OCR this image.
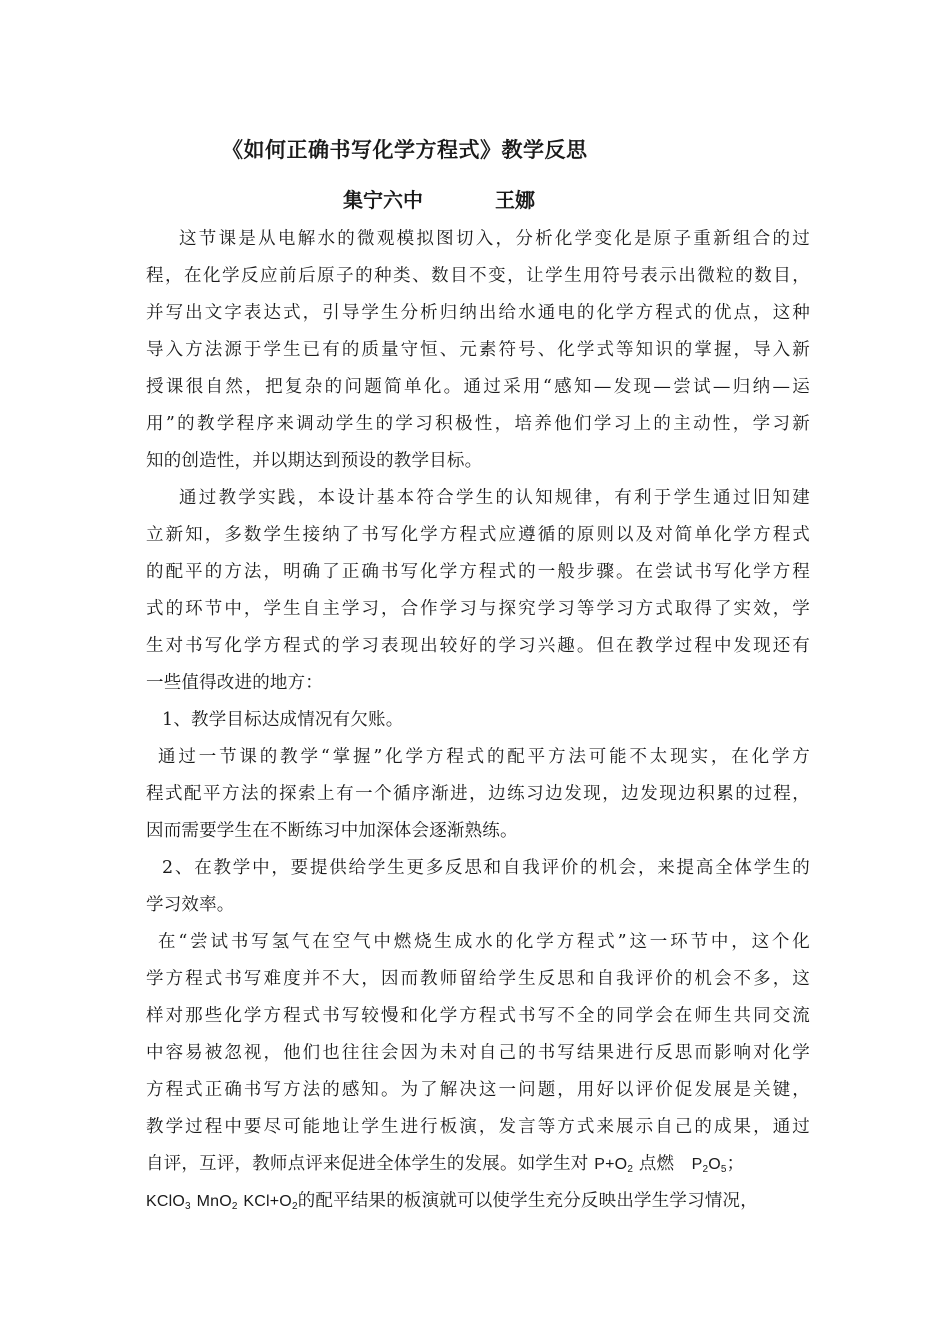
《如何正确书写化学方程式》教学反思
集宁六中	王娜
这节课是从电解水的微观模拟图切入，分析化学变化是原子重新组合的过
程，在化学反应前后原子的种类、数目不变，让学生用符号表示出微粒的数目，
并写出文字表达式，引导学生分析归纳出给水通电的化学方程式的优点，这种
导入方法源于学生已有的质量守恒、元素符号、化学式等知识的掌握，导入新
授课很自然，把复杂的问题简单化。通过采用“感知—发现—尝试—归纳—运
用”的教学程序来调动学生的学习积极性，培养他们学习上的主动性，学习新
知的创造性，并以期达到预设的教学目标。
通过教学实践，本设计基本符合学生的认知规律，有利于学生通过旧知建
立新知，多数学生接纳了书写化学方程式应遵循的原则以及对简单化学方程式
的配平的方法，明确了正确书写化学方程式的一般步骤。在尝试书写化学方程
式的环节中，学生自主学习，合作学习与探究学习等学习方式取得了实效，学
生对书写化学方程式的学习表现出较好的学习兴趣。但在教学过程中发现还有
一些值得改进的地方：
1、教学目标达成情况有欠账。
通过一节课的教学“掌握”化学方程式的配平方法可能不太现实，在化学方
程式配平方法的探索上有一个循序渐进，边练习边发现，边发现边积累的过程，
因而需要学生在不断练习中加深体会逐渐熟练。
2、在教学中，要提供给学生更多反思和自我评价的机会，来提高全体学生的
学习效率。
在“尝试书写氢气在空气中燃烧生成水的化学方程式”这一环节中，这个化
学方程式书写难度并不大，因而教师留给学生反思和自我评价的机会不多，这
样对那些化学方程式书写较慢和化学方程式书写不全的同学会在师生共同交流
中容易被忽视，他们也往往会因为未对自己的书写结果进行反思而影响对化学
方程式正确书写方法的感知。为了解决这一问题，用好以评价促发展是关键，
教学过程中要尽可能地让学生进行板演，发言等方式来展示自己的成果，通过
自评，互评，教师点评来促进全体学生的发展。如学生对 $P+O_2$ 点燃 $P_2O_5$；
KClO$_3$ MnO$_2$ $KCl+O_2$的配平结果的板演就可以使学生充分反映出学生学习情况，
